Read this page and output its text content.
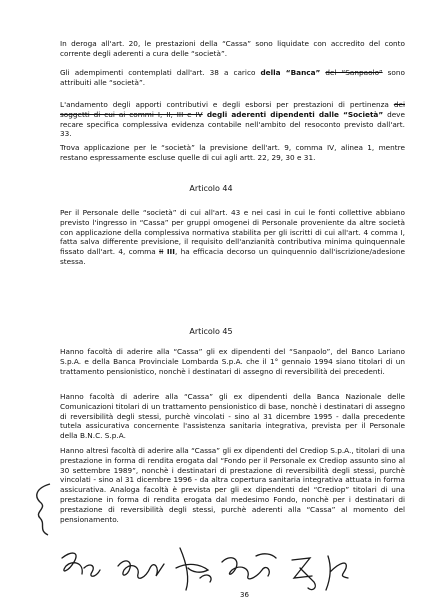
In deroga all'art. 20, le prestazioni della “Cassa” sono liquidate con accredito del conto corrente degli aderenti a cura delle “società”.

Gli adempimenti contemplati dall'art. 38 a carico della “Banca” del “Sanpaolo” sono attribuiti alle “società”.

L'andamento degli apporti contributivi e degli esborsi per prestazioni di pertinenza dei soggetti di cui ai commi I, II, III e IV degli aderenti dipendenti dalle “Società” deve recare specifica complessiva evidenza contabile nell'ambito del resoconto previsto dall'art. 33.

Trova applicazione per le “società” la previsione dell'art. 9, comma IV, alinea 1, mentre restano espressamente escluse quelle di cui agli artt. 22, 29, 30 e 31.

Articolo 44

Per il Personale delle “società” di cui all'art. 43 e nei casi in cui le fonti collettive abbiano previsto l'ingresso in “Cassa” per gruppi omogenei di Personale proveniente da altre società con applicazione della complessiva normativa stabilita per gli iscritti di cui all'art. 4 comma I, fatta salva differente previsione, il requisito dell'anzianità contributiva minima quinquennale fissato dall'art. 4, comma II III, ha efficacia decorso un quinquennio dall'iscrizione/adesione stessa.

Articolo 45

Hanno facoltà di aderire alla “Cassa” gli ex dipendenti del “Sanpaolo”, del Banco Lariano S.p.A. e della Banca Provinciale Lombarda S.p.A. che il 1° gennaio 1994 siano titolari di un trattamento pensionistico, nonchè i destinatari di assegno di reversibilità dei precedenti.

Hanno facoltà di aderire alla “Cassa” gli ex dipendenti della Banca Nazionale delle Comunicazioni titolari di un trattamento pensionistico di base, nonchè i destinatari di assegno di reversibilità degli stessi, purchè vincolati - sino al 31 dicembre 1995 - dalla precedente tutela assicurativa concernente l'assistenza sanitaria integrativa, prevista per il Personale della B.N.C. S.p.A.

Hanno altresì facoltà di aderire alla “Cassa” gli ex dipendenti del Crediop S.p.A., titolari di una prestazione in forma di rendita erogata dal “Fondo per il Personale ex Crediop assunto sino al 30 settembre 1989”, nonchè i destinatari di prestazione di reversibilità degli stessi, purchè vincolati - sino al 31 dicembre 1996 - da altra copertura sanitaria integrativa attuata in forma assicurativa. Analoga facoltà è prevista per gli ex dipendenti del “Crediop” titolari di una prestazione in forma di rendita erogata dal medesimo Fondo, nonchè per i destinatari di prestazione di reversibilità degli stessi, purchè aderenti alla “Cassa” al momento del pensionamento.

36
